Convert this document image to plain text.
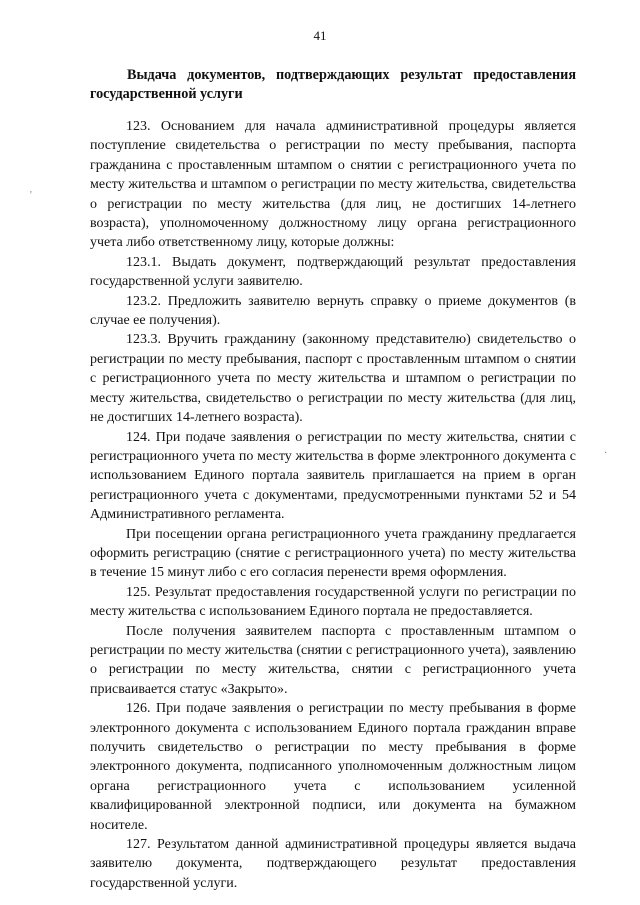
41
Выдача документов, подтверждающих результат предоставления
государственной услуги

123. Основанием для начала административной процедуры является поступление свидетельства о регистрации по месту пребывания, паспорта гражданина с проставленным штампом о снятии с регистрационного учета по месту жительства и штампом о регистрации по месту жительства, свидетельства о регистрации по месту жительства (для лиц, не достигших 14-летнего возраста), уполномоченному должностному лицу органа регистрационного учета либо ответственному лицу, которые должны:

123.1. Выдать документ, подтверждающий результат предоставления государственной услуги заявителю.

123.2. Предложить заявителю вернуть справку о приеме документов (в случае ее получения).

123.3. Вручить гражданину (законному представителю) свидетельство о регистрации по месту пребывания, паспорт с проставленным штампом о снятии с регистрационного учета по месту жительства и штампом о регистрации по месту жительства, свидетельство о регистрации по месту жительства (для лиц, не достигших 14-летнего возраста).

124. При подаче заявления о регистрации по месту жительства, снятии с регистрационного учета по месту жительства в форме электронного документа с использованием Единого портала заявитель приглашается на прием в орган регистрационного учета с документами, предусмотренными пунктами 52 и 54 Административного регламента.

При посещении органа регистрационного учета гражданину предлагается оформить регистрацию (снятие с регистрационного учета) по месту жительства в течение 15 минут либо с его согласия перенести время оформления.

125. Результат предоставления государственной услуги по регистрации по месту жительства с использованием Единого портала не предоставляется.

После получения заявителем паспорта с проставленным штампом о регистрации по месту жительства (снятии с регистрационного учета), заявлению о регистрации по месту жительства, снятии с регистрационного учета присваивается статус «Закрыто».

126. При подаче заявления о регистрации по месту пребывания в форме электронного документа с использованием Единого портала гражданин вправе получить свидетельство о регистрации по месту пребывания в форме электронного документа, подписанного уполномоченным должностным лицом органа регистрационного учета с использованием усиленной квалифицированной электронной подписи, или документа на бумажном носителе.

127. Результатом данной административной процедуры является выдача заявителю документа, подтверждающего результат предоставления государственной услуги.

'
·
